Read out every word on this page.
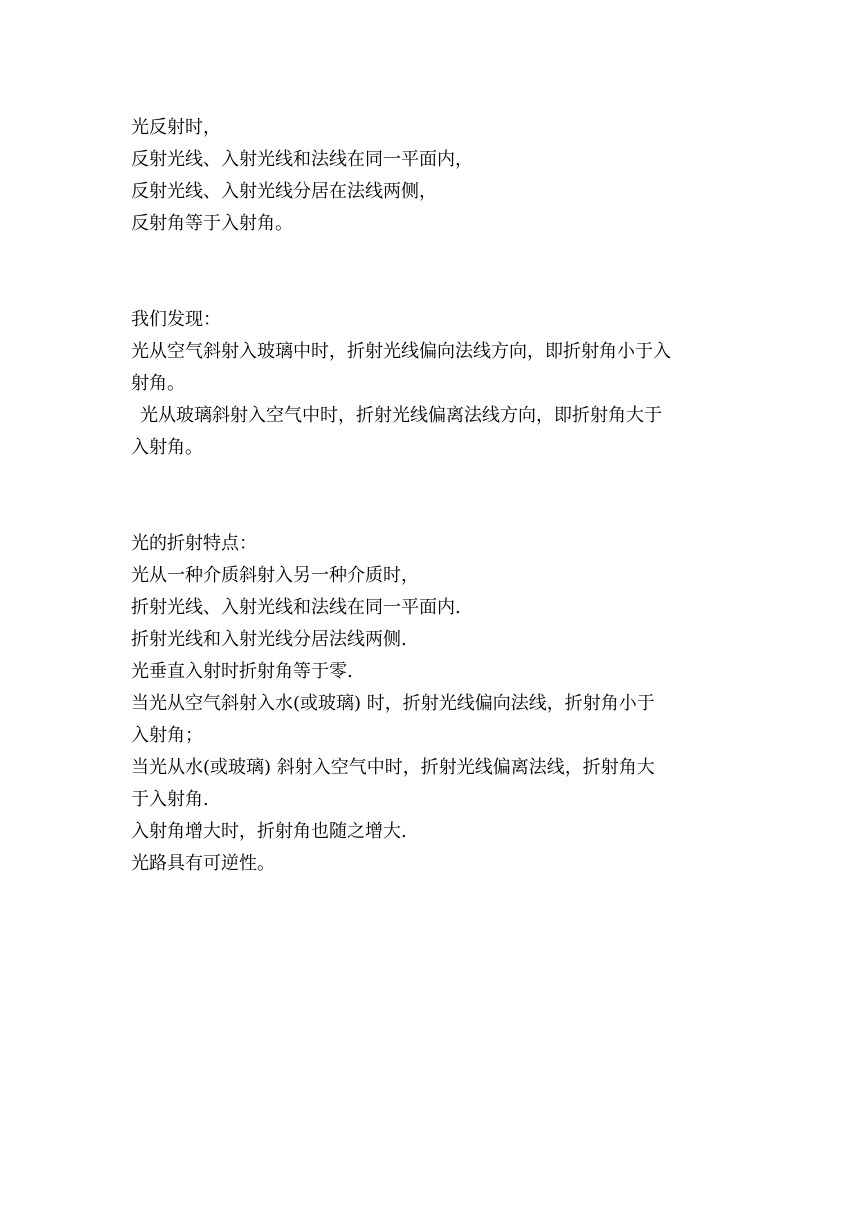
光反射时，
反射光线、入射光线和法线在同一平面内，
反射光线、入射光线分居在法线两侧，
反射角等于入射角。
我们发现：
光从空气斜射入玻璃中时，折射光线偏向法线方向，即折射角小于入
射角。
光从玻璃斜射入空气中时，折射光线偏离法线方向，即折射角大于
入射角。
光的折射特点：
光从一种介质斜射入另一种介质时，
折射光线、入射光线和法线在同一平面内.
折射光线和入射光线分居法线两侧.
光垂直入射时折射角等于零.
当光从空气斜射入水(或玻璃) 时，折射光线偏向法线，折射角小于
入射角；
当光从水(或玻璃) 斜射入空气中时，折射光线偏离法线，折射角大
于入射角.
入射角增大时，折射角也随之增大.
光路具有可逆性。
